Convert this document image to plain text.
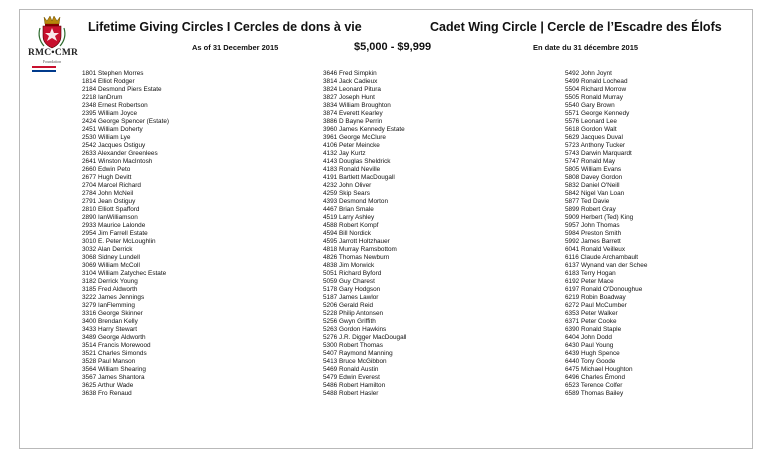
RMC•CMR
Foundation
Lifetime Giving Circles I Cercles de dons à vie	Cadet Wing Circle | Cercle de l’Escadre des Élofs
As of 31 December 2015	$5,000 - $9,999	En date du 31 décembre 2015
1801 Stephen Morres
1814 Elliot Rodger
2184 Desmond Piers Estate
2218 IanDrum
2348 Ernest Robertson
2395 William Joyce
2424 George Spencer (Estate)
2451 William Doherty
2530 William Lye
2542 Jacques Ostiguy
2633 Alexander Greenlees
2641 Winston MacIntosh
2660 Edwin Peto
2677 Hugh Devitt
2704 Marcel Richard
2784 John McNeil
2791 Jean Ostiguy
2810 Elliott Spafford
2890 IanWilliamson
2933 Maurice Lalonde
2954 Jim Farrell Estate
3010 E. Peter McLoughlin
3032 Alan Derrick
3068 Sidney Lundell
3069 William McColl
3104 William Zatychec Estate
3182 Derrick Young
3185 Fred Aldworth
3222 James Jennings
3279 IanFlemming
3316 George Skinner
3400 Brendan Kelly
3433 Harry Stewart
3489 George Aldworth
3514 Francis Morewood
3521 Charles Simonds
3528 Paul Manson
3564 William Shearing
3567 James Shantora
3625 Arthur Wade
3638 Fro Renaud
3646 Fred Simpkin
3814 Jack Cadieux
3824 Leonard Pitura
3827 Joseph Hunt
3834 William Broughton
3874 Everett Kearley
3886 D Bayne Perrin
3960 James Kennedy Estate
3961 George McClure
4106 Peter Meincke
4132 Jay Kurtz
4143 Douglas Sheldrick
4183 Ronald Neville
4191 Bartlett MacDougall
4232 John Oliver
4259 Skip Sears
4393 Desmond Morton
4467 Brian Smale
4519 Larry Ashley
4588 Robert Kompf
4594 Bill Nordick
4595 Jarrott Holtzhauer
4818 Murray Ramsbottom
4826 Thomas Newburn
4838 Jim Morwick
5051 Richard Byford
5059 Guy Charest
5178 Gary Hodgson
5187 James Lawlor
5206 Gerald Reid
5228 Philip Antonsen
5256 Gwyn Griffith
5263 Gordon Hawkins
5276 J.R. Digger MacDougall
5300 Robert Thomas
5407 Raymond Manning
5413 Bruce McGibbon
5469 Ronald Austin
5479 Edwin Everest
5486 Robert Hamilton
5488 Robert Hasler
5492 John Joynt
5499 Ronald Lochead
5504 Richard Morrow
5505 Ronald Murray
5540 Gary Brown
5571 George Kennedy
5576 Leonard Lee
5618 Gordon Walt
5629 Jacques Duval
5723 Anthony Tucker
5743 Darwin Marquardt
5747 Ronald May
5805 William Evans
5808 Davey Gordon
5832 Daniel O'Neill
5842 Nigel Van Loan
5877 Ted Davie
5899 Robert Gray
5909 Herbert (Ted) King
5957 John Thomas
5984 Preston Smith
5992 James Barrett
6041 Ronald Veilleux
6116 Claude Archambault
6137 Wynand van der Schee
6183 Terry Hogan
6192 Peter Mace
6197 Ronald O'Donoughue
6219 Robin Boadway
6272 Paul McCumber
6353 Peter Walker
6371 Peter Cooke
6390 Ronald Staple
6404 John Dodd
6430 Paul Young
6439 Hugh Spence
6440 Tony Goode
6475 Michael Houghton
6496 Charles Émond
6523 Terence Colfer
6589 Thomas Bailey
